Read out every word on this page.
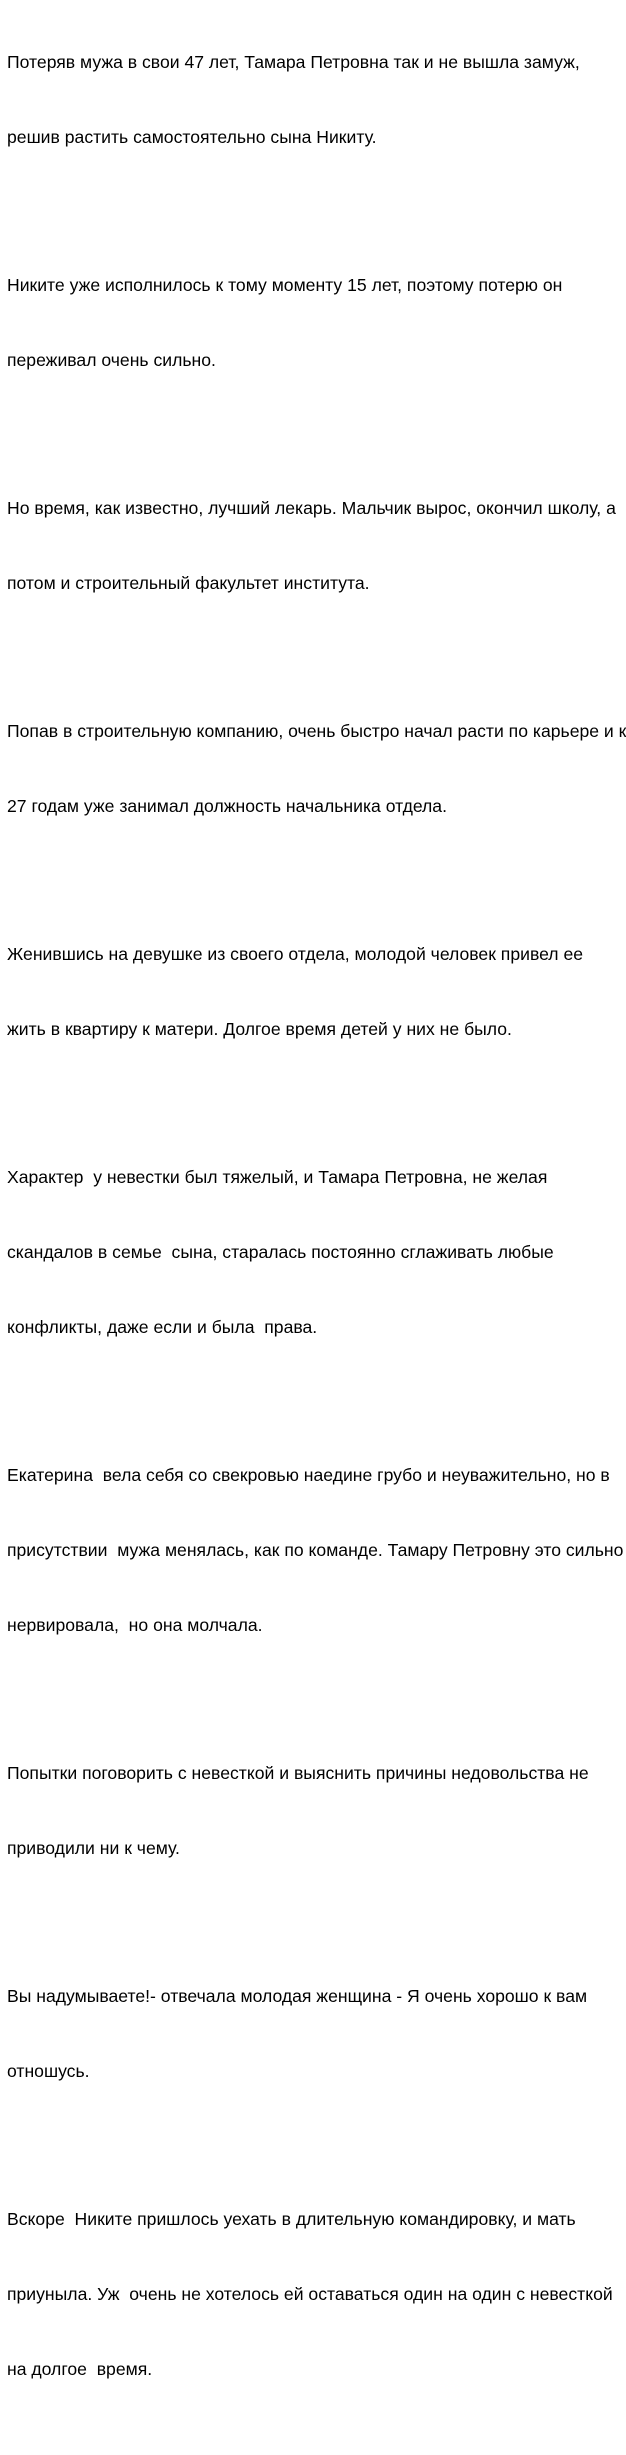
Потеряв мужа в свои 47 лет, Тамара Петровна так и не вышла замуж,

решив растить самостоятельно сына Никиту.

Никите уже исполнилось к тому моменту 15 лет, поэтому потерю он

переживал очень сильно.

Но время, как известно, лучший лекарь. Мальчик вырос, окончил школу, а

потом и строительный факультет института.

Попав в строительную компанию, очень быстро начал расти по карьере и к

27 годам уже занимал должность начальника отдела.

Женившись на девушке из своего отдела, молодой человек привел ее

жить в квартиру к матери. Долгое время детей у них не было.

Характер  у невестки был тяжелый, и Тамара Петровна, не желая

скандалов в семье  сына, старалась постоянно сглаживать любые

конфликты, даже если и была  права.

Екатерина  вела себя со свекровью наедине грубо и неуважительно, но в

присутствии  мужа менялась, как по команде. Тамару Петровну это сильно

нервировала,  но она молчала.

Попытки поговорить с невесткой и выяснить причины недовольства не

приводили ни к чему.

Вы надумываете!- отвечала молодая женщина - Я очень хорошо к вам

отношусь.

Вскоре  Никите пришлось уехать в длительную командировку, и мать

приуныла. Уж  очень не хотелось ей оставаться один на один с невесткой

на долгое  время.
